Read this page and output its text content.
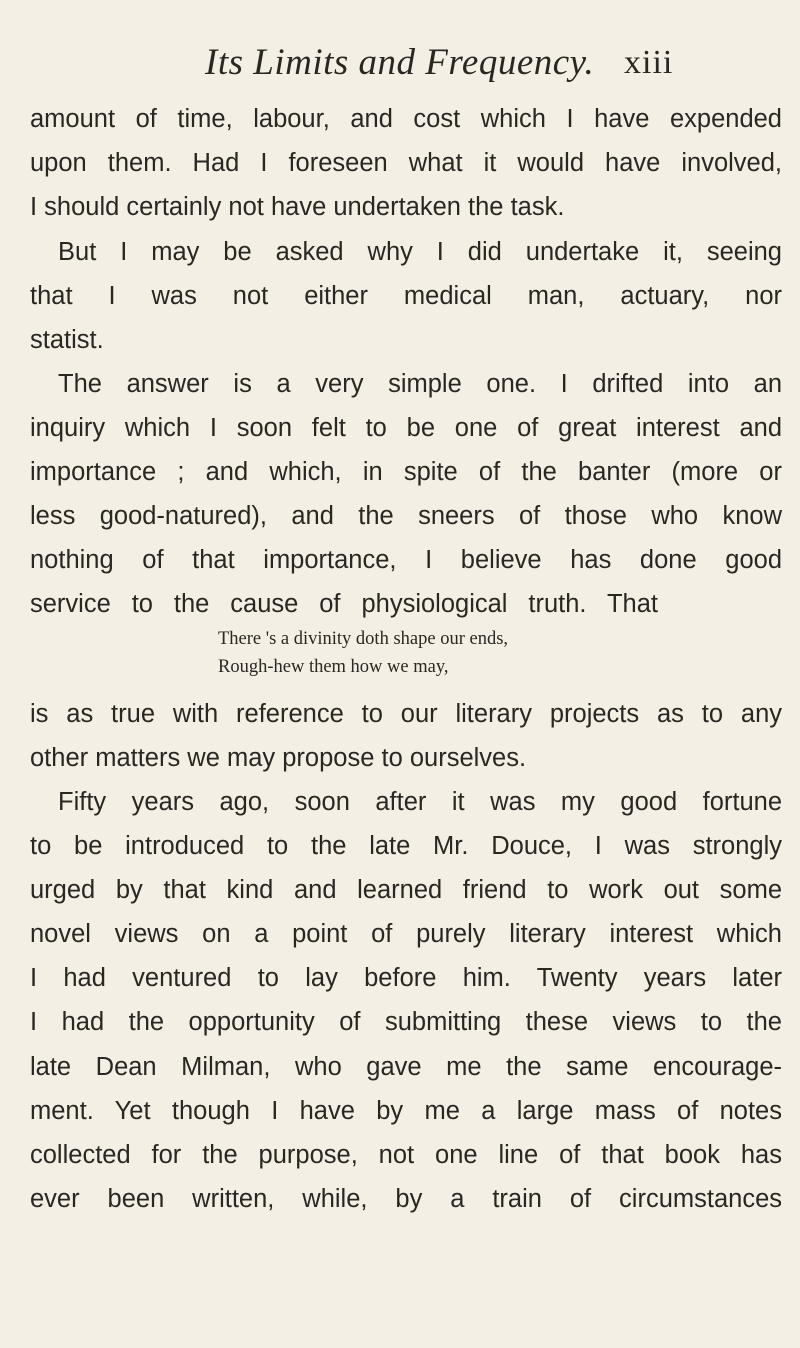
Its Limits and Frequency. xiii
amount of time, labour, and cost which I have expended
upon them. Had I foreseen what it would have involved,
I should certainly not have undertaken the task.
But I may be asked why I did undertake it, seeing
that I was not either medical man, actuary, nor
statist.
The answer is a very simple one. I drifted into an
inquiry which I soon felt to be one of great interest and
importance ; and which, in spite of the banter (more or
less good-natured), and the sneers of those who know
nothing of that importance, I believe has done good
service to the cause of physiological truth. That
There 's a divinity doth shape our ends,
Rough-hew them how we may,
is as true with reference to our literary projects as to any
other matters we may propose to ourselves.
Fifty years ago, soon after it was my good fortune
to be introduced to the late Mr. Douce, I was strongly
urged by that kind and learned friend to work out some
novel views on a point of purely literary interest which
I had ventured to lay before him. Twenty years later
I had the opportunity of submitting these views to the
late Dean Milman, who gave me the same encourage-
ment. Yet though I have by me a large mass of notes
collected for the purpose, not one line of that book has
ever been written, while, by a train of circumstances
